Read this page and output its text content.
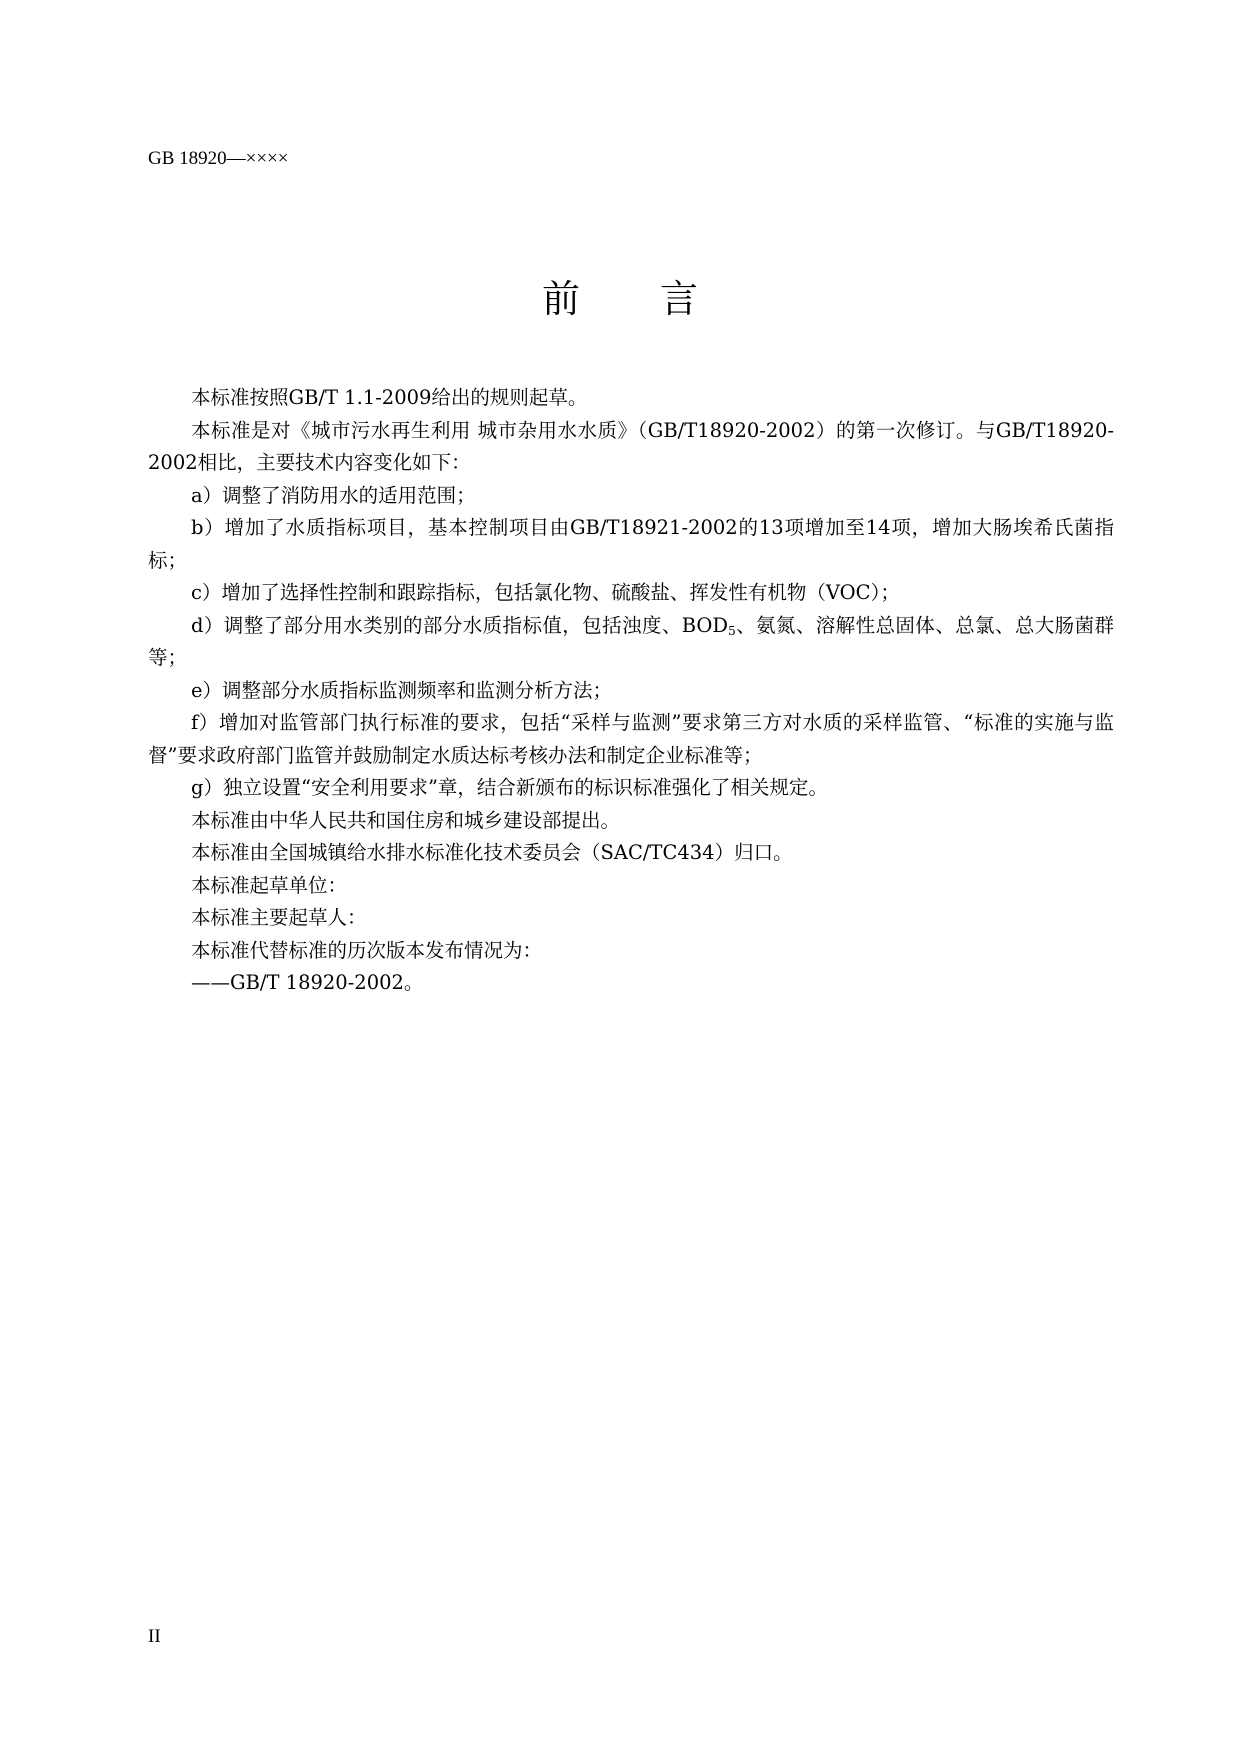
GB 18920—××××
前 言

本标准按照GB/T 1.1-2009给出的规则起草。

本标准是对《城市污水再生利用 城市杂用水水质》（GB/T18920-2002）的第一次修订。与GB/T18920-2002相比，主要技术内容变化如下：

a）调整了消防用水的适用范围；

b）增加了水质指标项目，基本控制项目由GB/T18921-2002的13项增加至14项，增加大肠埃希氏菌指标；

c）增加了选择性控制和跟踪指标，包括氯化物、硫酸盐、挥发性有机物（VOC）；

d）调整了部分用水类别的部分水质指标值，包括浊度、$BOD_5$、氨氮、溶解性总固体、总氯、总大肠菌群等；

e）调整部分水质指标监测频率和监测分析方法；

f）增加对监管部门执行标准的要求，包括“采样与监测”要求第三方对水质的采样监管、“标准的实施与监督”要求政府部门监管并鼓励制定水质达标考核办法和制定企业标准等；

g）独立设置“安全利用要求”章，结合新颁布的标识标准强化了相关规定。

本标准由中华人民共和国住房和城乡建设部提出。

本标准由全国城镇给水排水标准化技术委员会（SAC/TC434）归口。

本标准起草单位：

本标准主要起草人：

本标准代替标准的历次版本发布情况为：

——GB/T 18920-2002。

II
